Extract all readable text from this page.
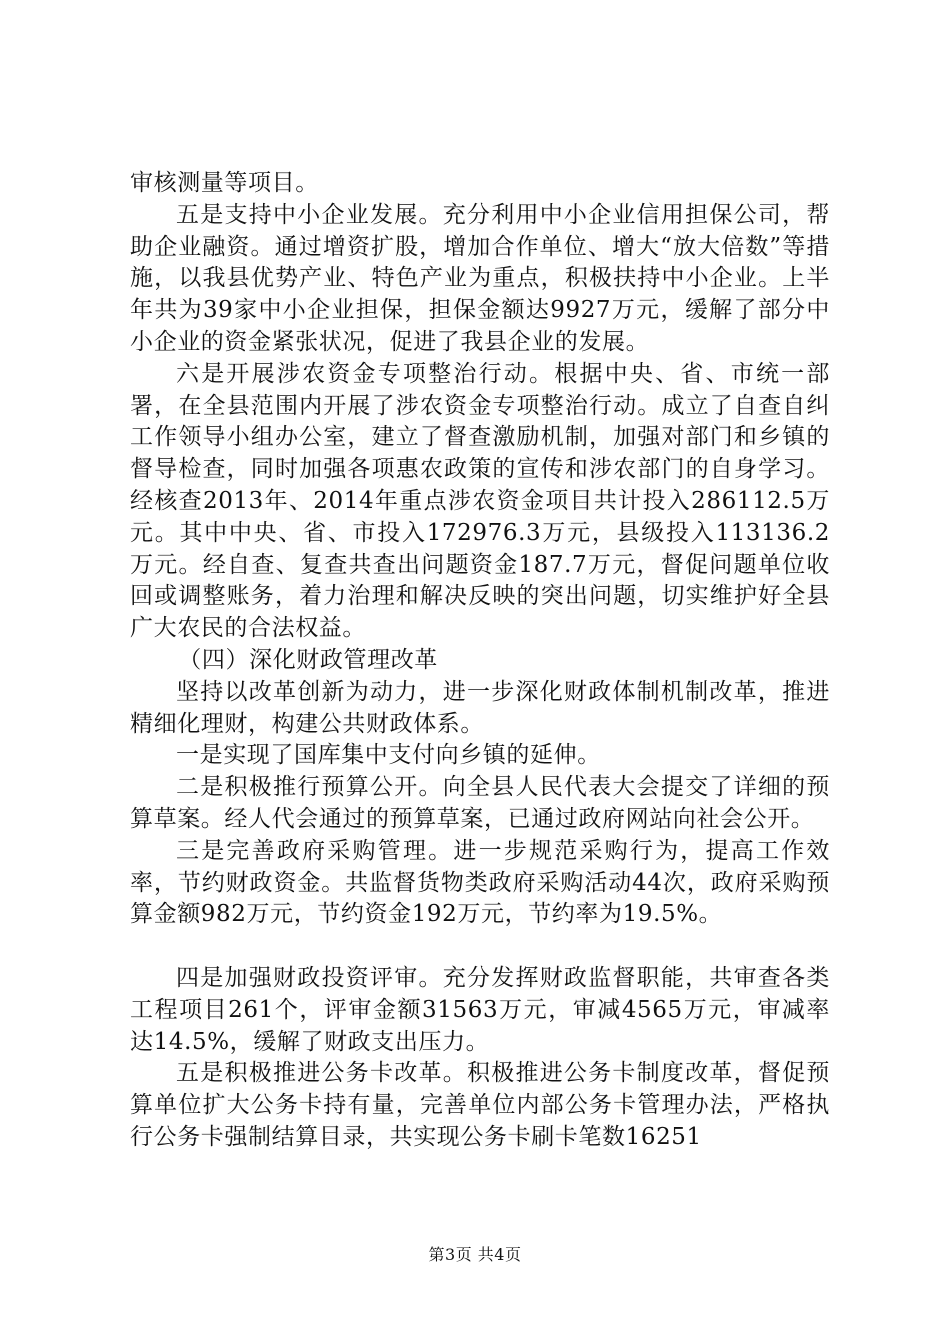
审核测量等项目。

五是支持中小企业发展。充分利用中小企业信用担保公司，帮助企业融资。通过增资扩股，增加合作单位、增大“放大倍数”等措施，以我县优势产业、特色产业为重点，积极扶持中小企业。上半年共为39家中小企业担保，担保金额达9927万元，缓解了部分中小企业的资金紧张状况，促进了我县企业的发展。

六是开展涉农资金专项整治行动。根据中央、省、市统一部署，在全县范围内开展了涉农资金专项整治行动。成立了自查自纠工作领导小组办公室，建立了督查激励机制，加强对部门和乡镇的督导检查，同时加强各项惠农政策的宣传和涉农部门的自身学习。经核查2013年、2014年重点涉农资金项目共计投入286112.5万元。其中中央、省、市投入172976.3万元，县级投入113136.2万元。经自查、复查共查出问题资金187.7万元，督促问题单位收回或调整账务，着力治理和解决反映的突出问题，切实维护好全县广大农民的合法权益。

（四）深化财政管理改革

坚持以改革创新为动力，进一步深化财政体制机制改革，推进精细化理财，构建公共财政体系。

一是实现了国库集中支付向乡镇的延伸。

二是积极推行预算公开。向全县人民代表大会提交了详细的预算草案。经人代会通过的预算草案，已通过政府网站向社会公开。

三是完善政府采购管理。进一步规范采购行为，提高工作效率，节约财政资金。共监督货物类政府采购活动44次，政府采购预算金额982万元，节约资金192万元，节约率为19.5%。

四是加强财政投资评审。充分发挥财政监督职能，共审查各类工程项目261个，评审金额31563万元，审减4565万元，审减率达14.5%，缓解了财政支出压力。

五是积极推进公务卡改革。积极推进公务卡制度改革，督促预算单位扩大公务卡持有量，完善单位内部公务卡管理办法，严格执行公务卡强制结算目录，共实现公务卡刷卡笔数16251

第3页 共4页
